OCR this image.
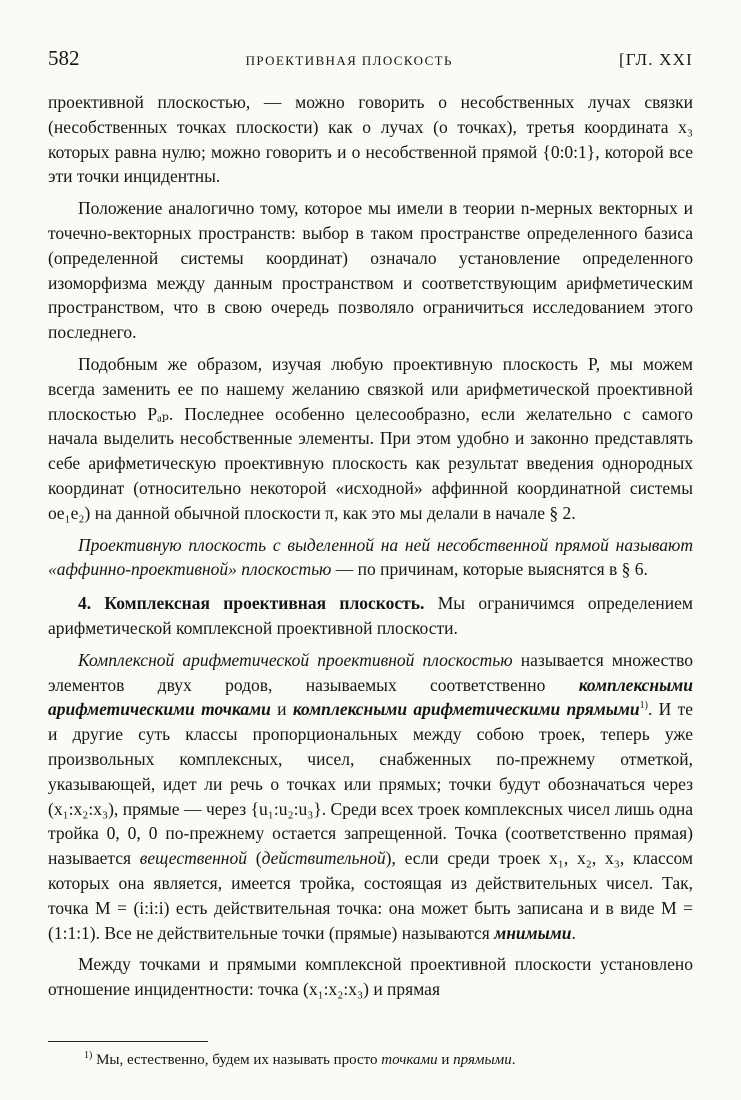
582	ПРОЕКТИВНАЯ ПЛОСКОСТЬ	[ГЛ. XXI

проективной плоскостью, — можно говорить о несобственных лучах связки (несобственных точках плоскости) как о лучах (о точках), третья координата x₃ которых равна нулю; можно говорить и о несобственной прямой {0:0:1}, которой все эти точки инцидентны.

Положение аналогично тому, которое мы имели в теории n-мерных векторных и точечно-векторных пространств: выбор в таком пространстве определенного базиса (определенной системы координат) означало установление определенного изоморфизма между данным пространством и соответствующим арифметическим пространством, что в свою очередь позволяло ограничиться исследованием этого последнего.

Подобным же образом, изучая любую проективную плоскость P, мы можем всегда заменить ее по нашему желанию связкой или арифметической проективной плоскостью Pₐₚ. Последнее особенно целесообразно, если желательно с самого начала выделить несобственные элементы. При этом удобно и законно представлять себе арифметическую проективную плоскость как результат введения однородных координат (относительно некоторой «исходной» аффинной координатной системы oe₁e₂) на данной обычной плоскости π, как это мы делали в начале § 2.

Проективную плоскость с выделенной на ней несобственной прямой называют «аффинно-проективной» плоскостью — по причинам, которые выяснятся в § 6.

4. Комплексная проективная плоскость. Мы ограничимся определением арифметической комплексной проективной плоскости.

Комплексной арифметической проективной плоскостью называется множество элементов двух родов, называемых соответственно комплексными арифметическими точками и комплексными арифметическими прямыми$^{1)}$. И те и другие суть классы пропорциональных между собою троек, теперь уже произвольных комплексных, чисел, снабженных по-прежнему отметкой, указывающей, идет ли речь о точках или прямых; точки будут обозначаться через (x₁:x₂:x₃), прямые — через {u₁:u₂:u₃}. Среди всех троек комплексных чисел лишь одна тройка 0, 0, 0 по-прежнему остается запрещенной. Точка (соответственно прямая) называется вещественной (действительной), если среди троек x₁, x₂, x₃, классом которых она является, имеется тройка, состоящая из действительных чисел. Так, точка M = (i:i:i) есть действительная точка: она может быть записана и в виде M = (1:1:1). Все не действительные точки (прямые) называются мнимыми.

Между точками и прямыми комплексной проективной плоскости установлено отношение инцидентности: точка (x₁:x₂:x₃) и прямая

$^{1)}$ Мы, естественно, будем их называть просто точками и прямыми.
